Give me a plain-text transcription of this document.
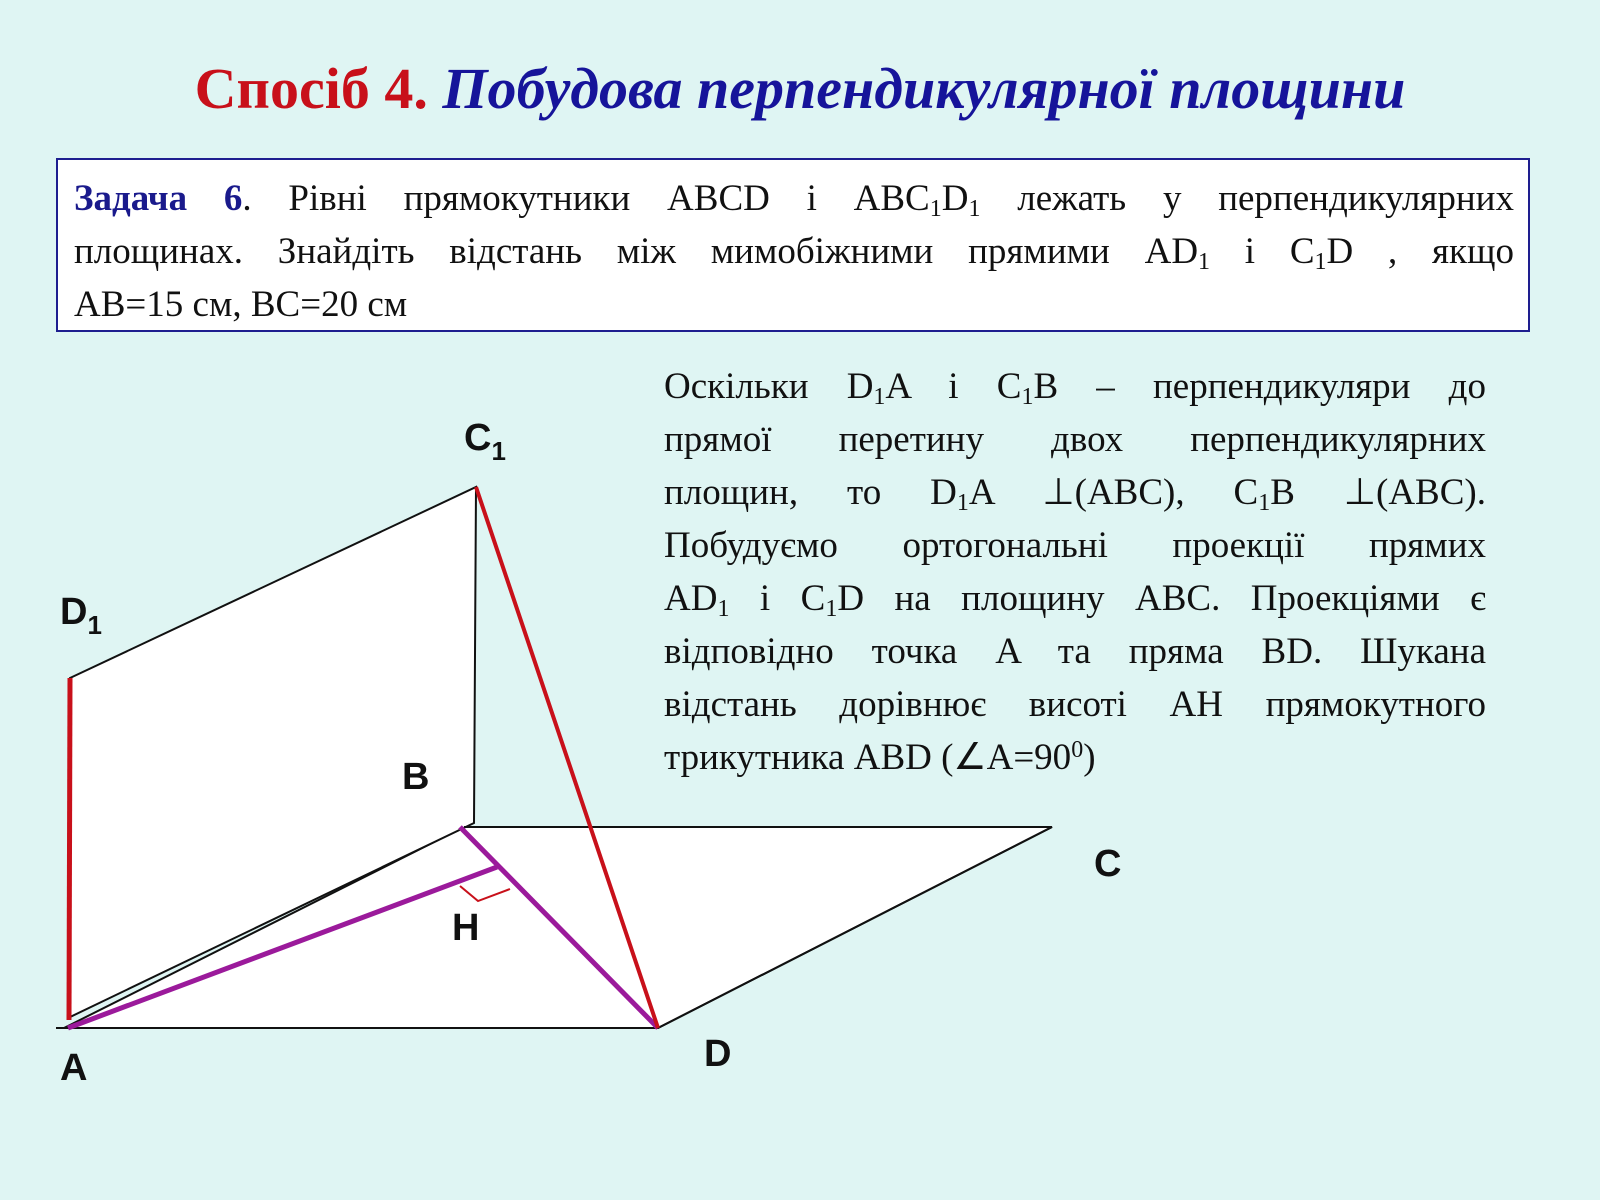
Спосіб 4. Побудова перпендикулярної площини
Задача 6. Рівні прямокутники ABCD і $ABC_1D_1$ лежать у перпендикулярних
площинах. Знайдіть відстань між мимобіжними прямими $AD_1$ і $C_1D$ , якщо
AB=15 см, BC=20 см
Оскільки $D_1A$ і $C_1B$ – перпендикуляри до
прямої перетину двох перпендикулярних
площин, то $D_1A$ ⊥(ABC), $C_1B$ ⊥(ABC).
Побудуємо ортогональні проекції прямих
$AD_1$ і $C_1D$ на площину ABC. Проекціями є
відповідно точка A та пряма BD. Шукана
відстань дорівнює висоті AH прямокутного
трикутника ABD $(\angle A=90^0)$
$C_1$
$D_1$
B
C
H
A	D
